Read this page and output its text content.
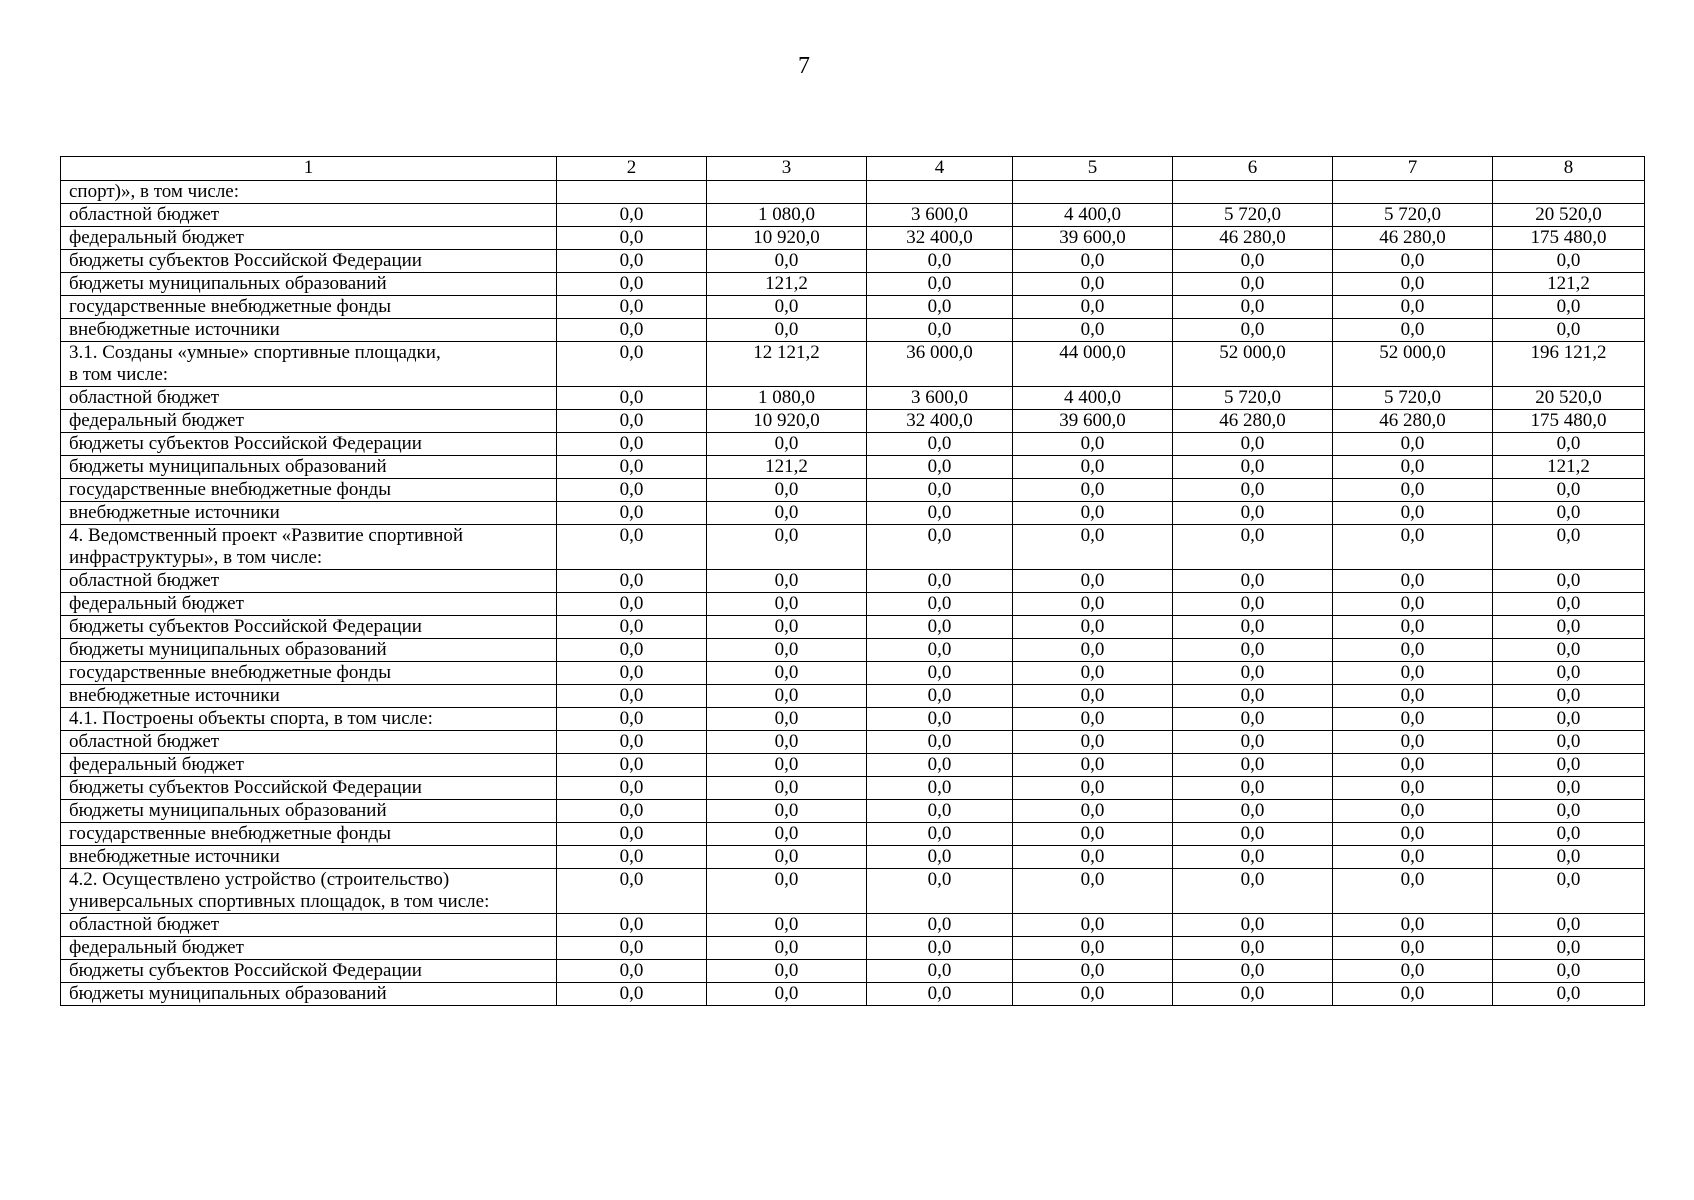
7
1	2	3	4	5	6	7	8
спорт)», в том числе:							
областной бюджет	0,0	1 080,0	3 600,0	4 400,0	5 720,0	5 720,0	20 520,0
федеральный бюджет	0,0	10 920,0	32 400,0	39 600,0	46 280,0	46 280,0	175 480,0
бюджеты субъектов Российской Федерации	0,0	0,0	0,0	0,0	0,0	0,0	0,0
бюджеты муниципальных образований	0,0	121,2	0,0	0,0	0,0	0,0	121,2
государственные внебюджетные фонды	0,0	0,0	0,0	0,0	0,0	0,0	0,0
внебюджетные источники	0,0	0,0	0,0	0,0	0,0	0,0	0,0
3.1. Созданы «умные» спортивные площадки,
в том числе:	0,0	12 121,2	36 000,0	44 000,0	52 000,0	52 000,0	196 121,2
областной бюджет	0,0	1 080,0	3 600,0	4 400,0	5 720,0	5 720,0	20 520,0
федеральный бюджет	0,0	10 920,0	32 400,0	39 600,0	46 280,0	46 280,0	175 480,0
бюджеты субъектов Российской Федерации	0,0	0,0	0,0	0,0	0,0	0,0	0,0
бюджеты муниципальных образований	0,0	121,2	0,0	0,0	0,0	0,0	121,2
государственные внебюджетные фонды	0,0	0,0	0,0	0,0	0,0	0,0	0,0
внебюджетные источники	0,0	0,0	0,0	0,0	0,0	0,0	0,0
4. Ведомственный проект «Развитие спортивной инфраструктуры», в том числе:	0,0	0,0	0,0	0,0	0,0	0,0	0,0
областной бюджет	0,0	0,0	0,0	0,0	0,0	0,0	0,0
федеральный бюджет	0,0	0,0	0,0	0,0	0,0	0,0	0,0
бюджеты субъектов Российской Федерации	0,0	0,0	0,0	0,0	0,0	0,0	0,0
бюджеты муниципальных образований	0,0	0,0	0,0	0,0	0,0	0,0	0,0
государственные внебюджетные фонды	0,0	0,0	0,0	0,0	0,0	0,0	0,0
внебюджетные источники	0,0	0,0	0,0	0,0	0,0	0,0	0,0
4.1. Построены объекты спорта, в том числе:	0,0	0,0	0,0	0,0	0,0	0,0	0,0
областной бюджет	0,0	0,0	0,0	0,0	0,0	0,0	0,0
федеральный бюджет	0,0	0,0	0,0	0,0	0,0	0,0	0,0
бюджеты субъектов Российской Федерации	0,0	0,0	0,0	0,0	0,0	0,0	0,0
бюджеты муниципальных образований	0,0	0,0	0,0	0,0	0,0	0,0	0,0
государственные внебюджетные фонды	0,0	0,0	0,0	0,0	0,0	0,0	0,0
внебюджетные источники	0,0	0,0	0,0	0,0	0,0	0,0	0,0
4.2. Осуществлено устройство (строительство) универсальных спортивных площадок, в том числе:	0,0	0,0	0,0	0,0	0,0	0,0	0,0
областной бюджет	0,0	0,0	0,0	0,0	0,0	0,0	0,0
федеральный бюджет	0,0	0,0	0,0	0,0	0,0	0,0	0,0
бюджеты субъектов Российской Федерации	0,0	0,0	0,0	0,0	0,0	0,0	0,0
бюджеты муниципальных образований	0,0	0,0	0,0	0,0	0,0	0,0	0,0
